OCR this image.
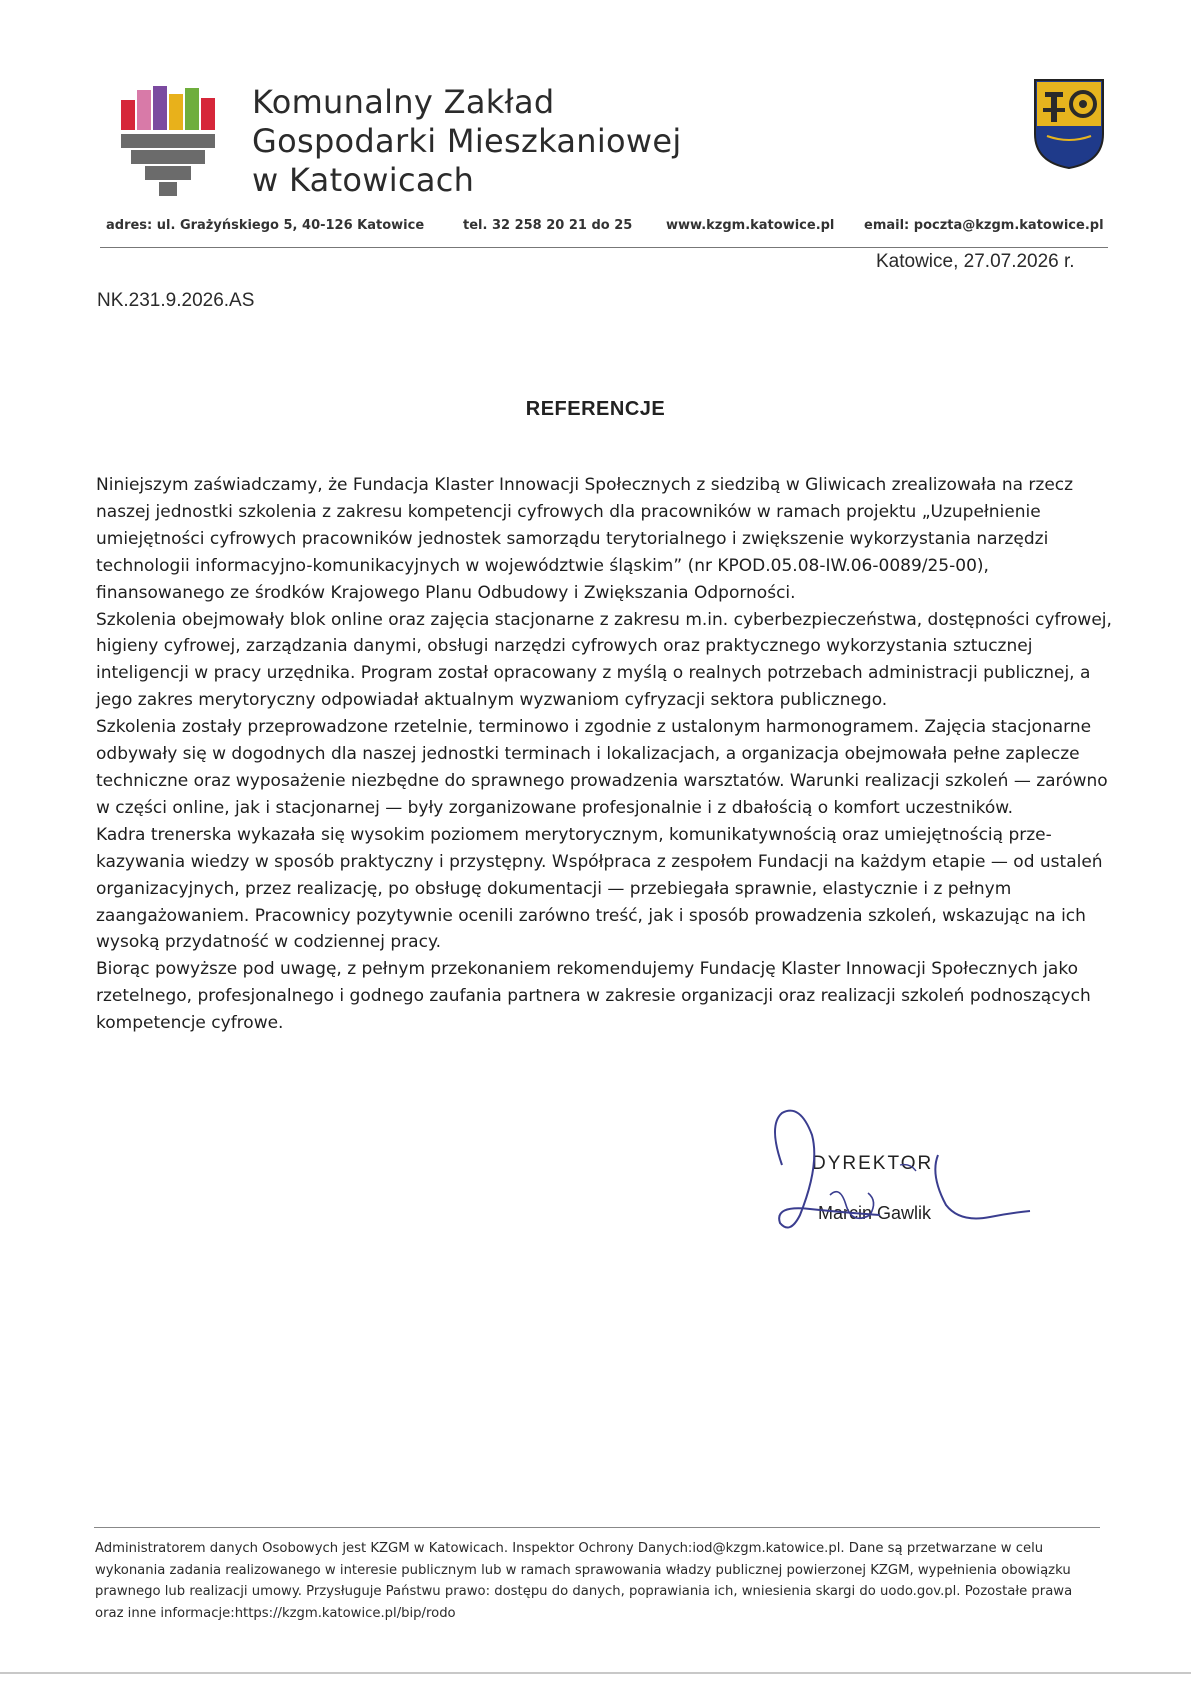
Komunalny Zakład
Gospodarki Mieszkaniowej
w Katowicach
adres: ul. Grażyńskiego 5, 40-126 Katowice	tel. 32 258 20 21 do 25	www.kzgm.katowice.pl email: poczta@kzgm.katowice.pl
Katowice, 27.07.2026 r.
NK.231.9.2026.AS
REFERENCJE

Niniejszym zaświadczamy, że Fundacja Klaster Innowacji Społecznych z siedzibą w Gliwicach zrealizowała na rzecz naszej jednostki szkolenia z zakresu kompetencji cyfrowych dla pracowników w ramach projektu „Uzupełnienie umiejętności cyfrowych pracowników jednostek samorządu terytorialnego i zwiększenie wykorzystania narzędzi technologii informacyjno-komunikacyjnych w województwie śląskim” (nr KPOD.05.08-IW.06-0089/25-00), finansowanego ze środków Krajowego Planu Odbudowy i Zwiększania Odporności.

Szkolenia obejmowały blok online oraz zajęcia stacjonarne z zakresu m.in. cyberbezpieczeństwa, dostępności cyfrowej, higieny cyfrowej, zarządzania danymi, obsługi narzędzi cyfrowych oraz praktycznego wykorzystania sztucznej inteligencji w pracy urzędnika. Program został opracowany z myślą o realnych potrzebach administracji publicznej, a jego zakres merytoryczny odpowiadał aktualnym wyzwaniom cyfryzacji sektora publicznego.

Szkolenia zostały przeprowadzone rzetelnie, terminowo i zgodnie z ustalonym harmonogramem. Zajęcia stacjonarne odbywały się w dogodnych dla naszej jednostki terminach i lokalizacjach, a organizacja obejmowała pełne zaplecze techniczne oraz wyposażenie niezbędne do sprawnego prowadzenia warsztatów. Warunki realizacji szkoleń — zarówno w części online, jak i stacjonarnej — były zorganizowane profesjonalnie i z dbałością o komfort uczestników.

Kadra trenerska wykazała się wysokim poziomem merytorycznym, komunikatywnością oraz umiejętnością prze-kazywania wiedzy w sposób praktyczny i przystępny. Współpraca z zespołem Fundacji na każdym etapie — od ustaleń organizacyjnych, przez realizację, po obsługę dokumentacji — przebiegała sprawnie, elastycznie i z pełnym zaangażowaniem. Pracownicy pozytywnie ocenili zarówno treść, jak i sposób prowadzenia szkoleń, wskazując na ich wysoką przydatność w codziennej pracy.

Biorąc powyższe pod uwagę, z pełnym przekonaniem rekomendujemy Fundację Klaster Innowacji Społecznych jako rzetelnego, profesjonalnego i godnego zaufania partnera w zakresie organizacji oraz realizacji szkoleń podnoszących kompetencje cyfrowe.

DYREKTOR
Marcin Gawlik
Administratorem danych Osobowych jest KZGM w Katowicach. Inspektor Ochrony Danych:iod@kzgm.katowice.pl. Dane są przetwarzane w celu wykonania zadania realizowanego w interesie publicznym lub w ramach sprawowania władzy publicznej powierzonej KZGM, wypełnienia obowiązku prawnego lub realizacji umowy. Przysługuje Państwu prawo: dostępu do danych, poprawiania ich, wniesienia skargi do uodo.gov.pl. Pozostałe prawa oraz inne informacje:https://kzgm.katowice.pl/bip/rodo
